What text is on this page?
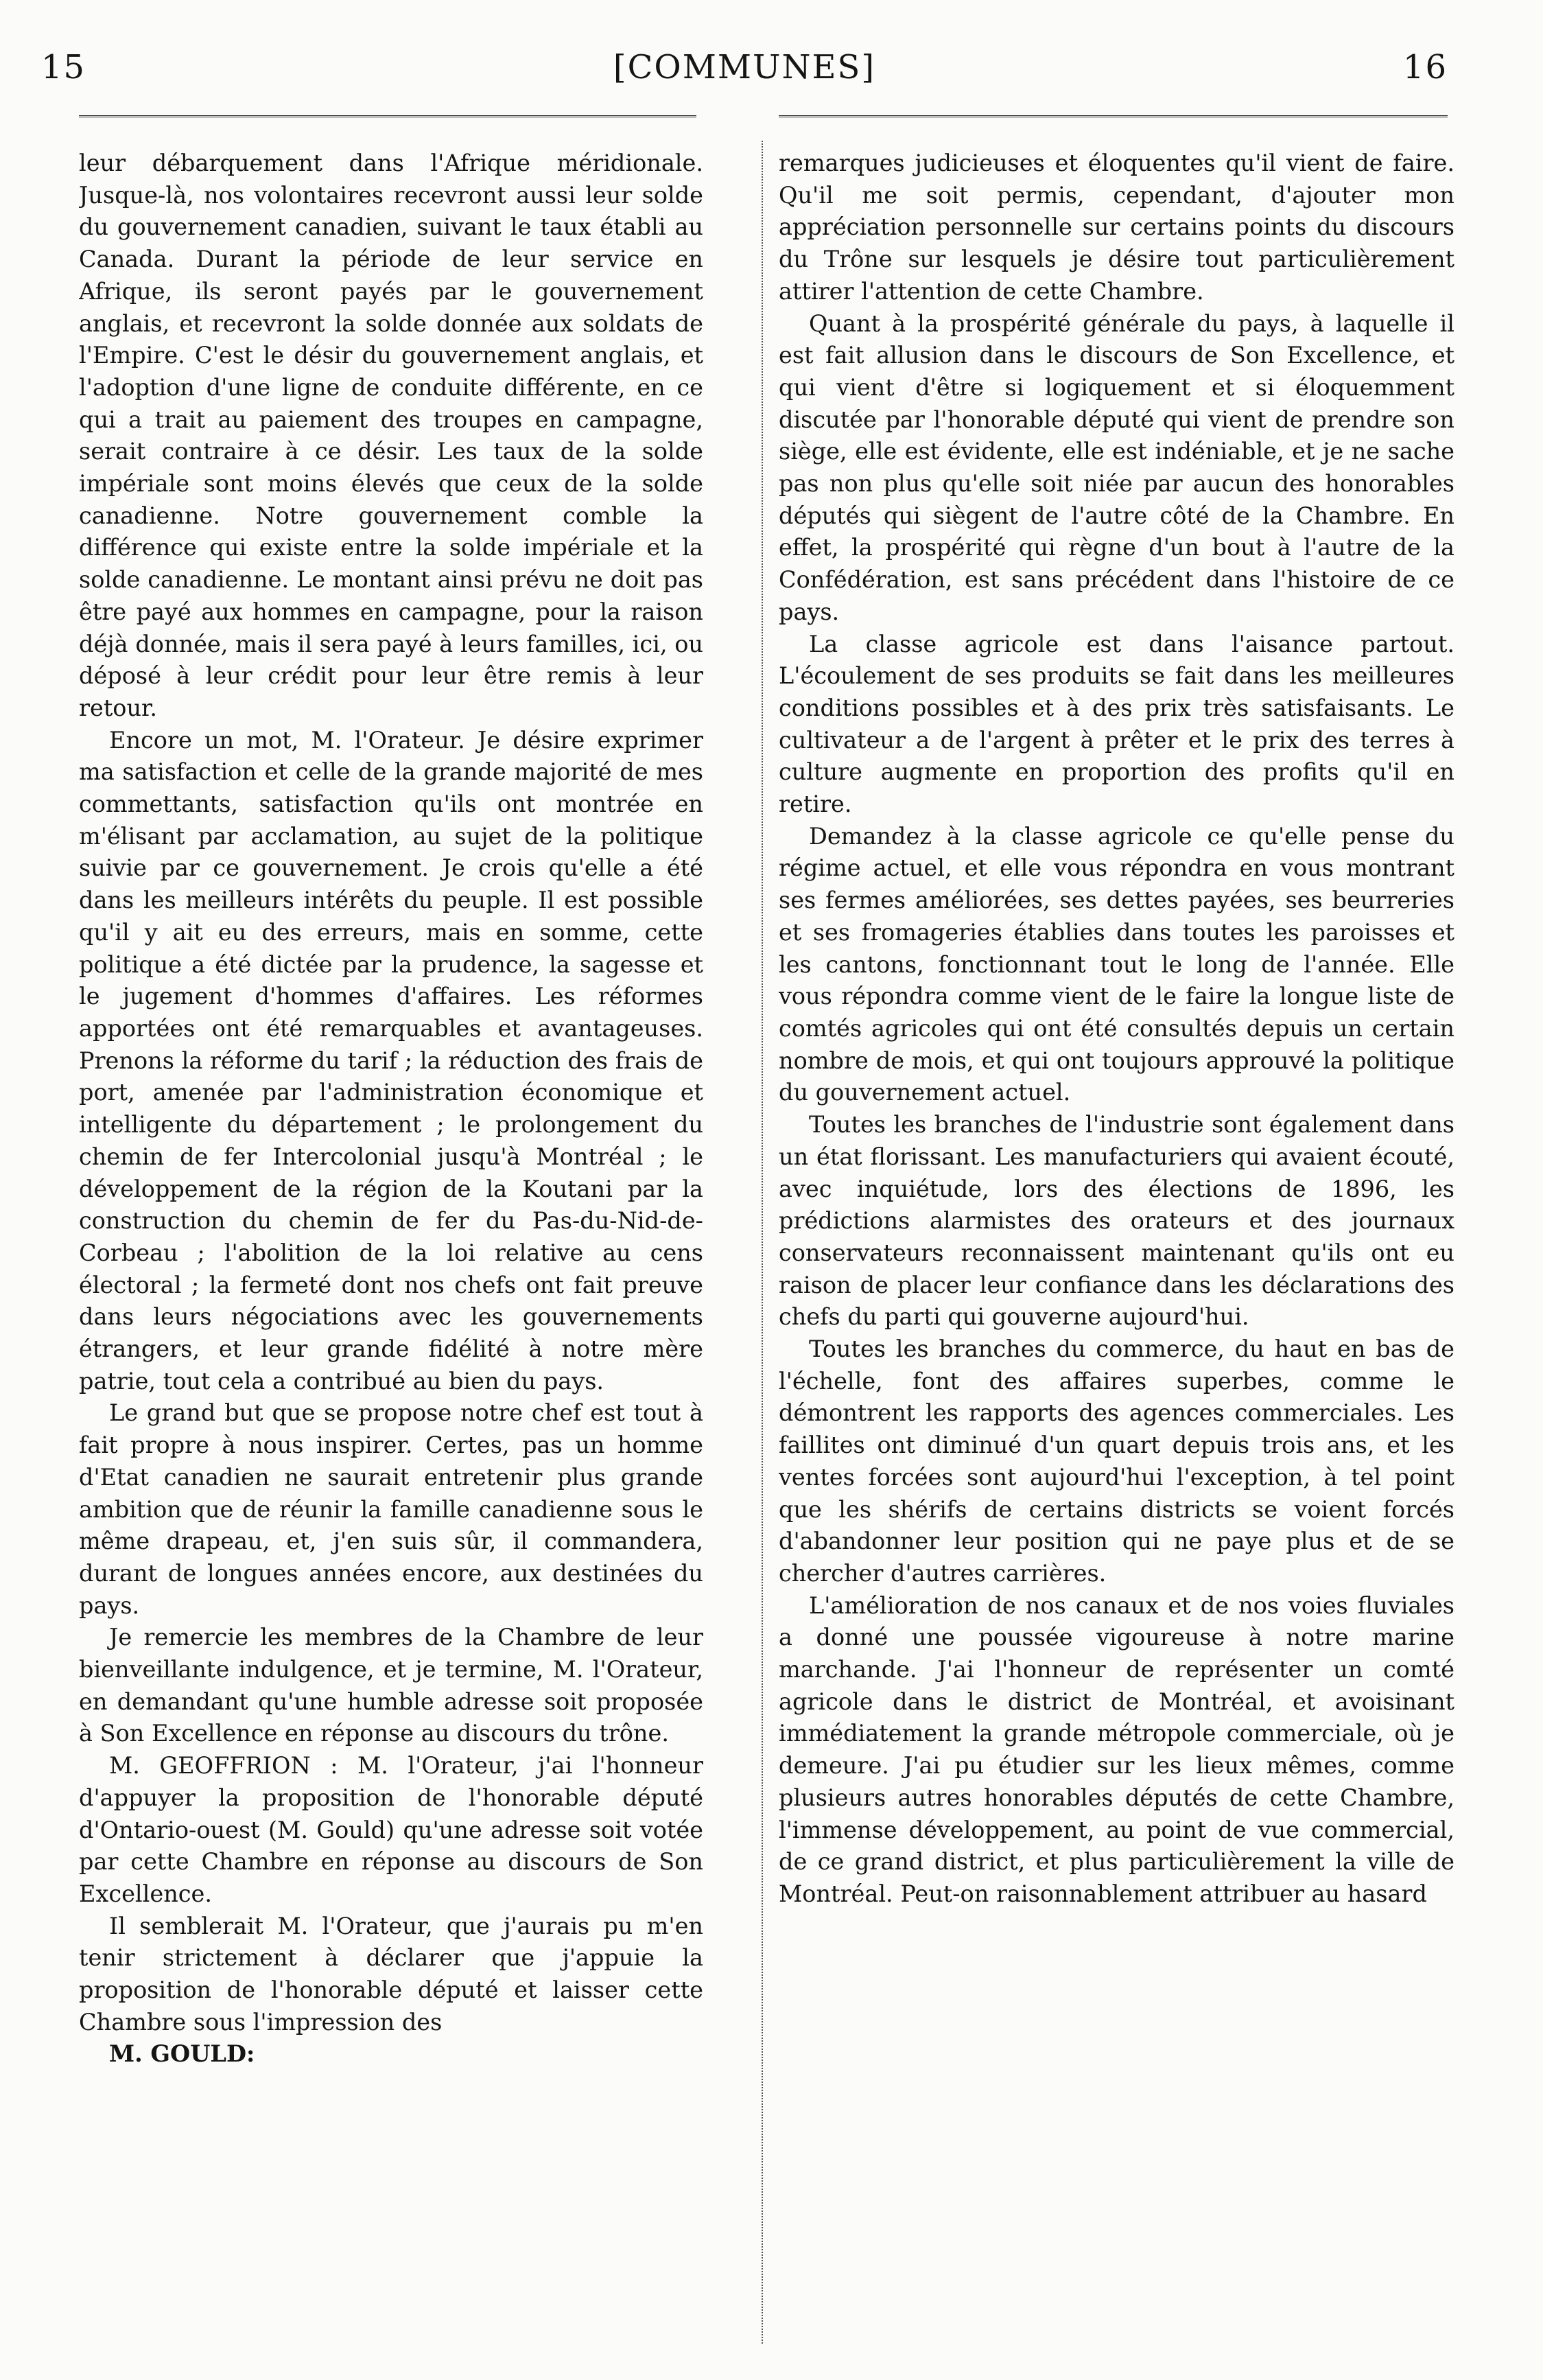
15	[COMMUNES]	16

leur débarquement dans l'Afrique méridionale. Jusque-là, nos volontaires recevront aussi leur solde du gouvernement canadien, suivant le taux établi au Canada. Durant la période de leur service en Afrique, ils seront payés par le gouvernement anglais, et recevront la solde donnée aux soldats de l'Empire. C'est le désir du gouvernement anglais, et l'adoption d'une ligne de conduite différente, en ce qui a trait au paiement des troupes en campagne, serait contraire à ce désir. Les taux de la solde impériale sont moins élevés que ceux de la solde canadienne. Notre gouvernement comble la différence qui existe entre la solde impériale et la solde canadienne. Le montant ainsi prévu ne doit pas être payé aux hommes en campagne, pour la raison déjà donnée, mais il sera payé à leurs familles, ici, ou déposé à leur crédit pour leur être remis à leur retour.

Encore un mot, M. l'Orateur. Je désire exprimer ma satisfaction et celle de la grande majorité de mes commettants, satisfaction qu'ils ont montrée en m'élisant par acclamation, au sujet de la politique suivie par ce gouvernement. Je crois qu'elle a été dans les meilleurs intérêts du peuple. Il est possible qu'il y ait eu des erreurs, mais en somme, cette politique a été dictée par la prudence, la sagesse et le jugement d'hommes d'affaires. Les réformes apportées ont été remarquables et avantageuses. Prenons la réforme du tarif ; la réduction des frais de port, amenée par l'administration économique et intelligente du département ; le prolongement du chemin de fer Intercolonial jusqu'à Montréal ; le développement de la région de la Koutani par la construction du chemin de fer du Pas-du-Nid-de-Corbeau ; l'abolition de la loi relative au cens électoral ; la fermeté dont nos chefs ont fait preuve dans leurs négociations avec les gouvernements étrangers, et leur grande fidélité à notre mère patrie, tout cela a contribué au bien du pays.

Le grand but que se propose notre chef est tout à fait propre à nous inspirer. Certes, pas un homme d'Etat canadien ne saurait entretenir plus grande ambition que de réunir la famille canadienne sous le même drapeau, et, j'en suis sûr, il commandera, durant de longues années encore, aux destinées du pays.

Je remercie les membres de la Chambre de leur bienveillante indulgence, et je termine, M. l'Orateur, en demandant qu'une humble adresse soit proposée à Son Excellence en réponse au discours du trône.

M. GEOFFRION : M. l'Orateur, j'ai l'honneur d'appuyer la proposition de l'honorable député d'Ontario-ouest (M. Gould) qu'une adresse soit votée par cette Chambre en réponse au discours de Son Excellence.

Il semblerait M. l'Orateur, que j'aurais pu m'en tenir strictement à déclarer que j'appuie la proposition de l'honorable député et laisser cette Chambre sous l'impression des

M. GOULD:

remarques judicieuses et éloquentes qu'il vient de faire. Qu'il me soit permis, cependant, d'ajouter mon appréciation personnelle sur certains points du discours du Trône sur lesquels je désire tout particulièrement attirer l'attention de cette Chambre.

Quant à la prospérité générale du pays, à laquelle il est fait allusion dans le discours de Son Excellence, et qui vient d'être si logiquement et si éloquemment discutée par l'honorable député qui vient de prendre son siège, elle est évidente, elle est indéniable, et je ne sache pas non plus qu'elle soit niée par aucun des honorables députés qui siègent de l'autre côté de la Chambre. En effet, la prospérité qui règne d'un bout à l'autre de la Confédération, est sans précédent dans l'histoire de ce pays.

La classe agricole est dans l'aisance partout. L'écoulement de ses produits se fait dans les meilleures conditions possibles et à des prix très satisfaisants. Le cultivateur a de l'argent à prêter et le prix des terres à culture augmente en proportion des profits qu'il en retire.

Demandez à la classe agricole ce qu'elle pense du régime actuel, et elle vous répondra en vous montrant ses fermes améliorées, ses dettes payées, ses beurreries et ses fromageries établies dans toutes les paroisses et les cantons, fonctionnant tout le long de l'année. Elle vous répondra comme vient de le faire la longue liste de comtés agricoles qui ont été consultés depuis un certain nombre de mois, et qui ont toujours approuvé la politique du gouvernement actuel.

Toutes les branches de l'industrie sont également dans un état florissant. Les manufacturiers qui avaient écouté, avec inquiétude, lors des élections de 1896, les prédictions alarmistes des orateurs et des journaux conservateurs reconnaissent maintenant qu'ils ont eu raison de placer leur confiance dans les déclarations des chefs du parti qui gouverne aujourd'hui.

Toutes les branches du commerce, du haut en bas de l'échelle, font des affaires superbes, comme le démontrent les rapports des agences commerciales. Les faillites ont diminué d'un quart depuis trois ans, et les ventes forcées sont aujourd'hui l'exception, à tel point que les shérifs de certains districts se voient forcés d'abandonner leur position qui ne paye plus et de se chercher d'autres carrières.

L'amélioration de nos canaux et de nos voies fluviales a donné une poussée vigoureuse à notre marine marchande. J'ai l'honneur de représenter un comté agricole dans le district de Montréal, et avoisinant immédiatement la grande métropole commerciale, où je demeure. J'ai pu étudier sur les lieux mêmes, comme plusieurs autres honorables députés de cette Chambre, l'immense développement, au point de vue commercial, de ce grand district, et plus particulièrement la ville de Montréal. Peut-on raisonnablement attribuer au hasard
